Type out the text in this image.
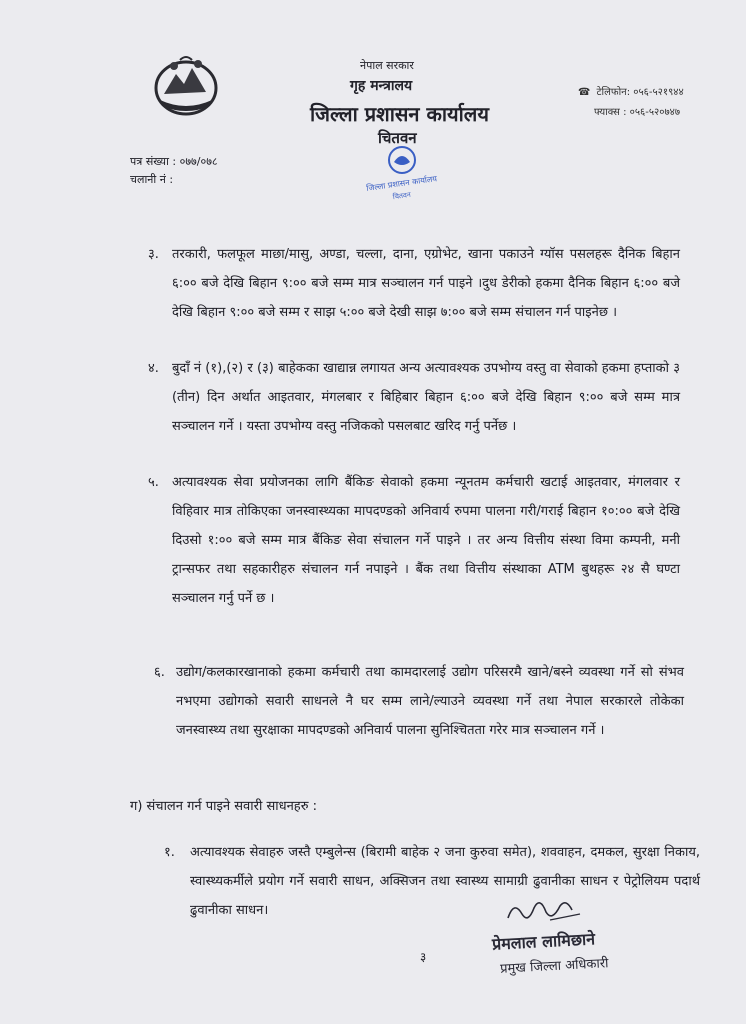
नेपाल सरकार
गृह मन्त्रालय
जिल्ला प्रशासन कार्यालय
चितवन
☎ टेलिफोन: ०५६-५२१९४४
फ्याक्स : ०५६-५२०७४७
पत्र संख्या : ०७७/०७८
चलानी नं :	जिल्ला प्रशासन कार्यालय
चितवन
३. तरकारी, फलफूल माछा/मासु, अण्डा, चल्ला, दाना, एग्रोभेट, खाना पकाउने ग्यॉस पसलहरू दैनिक बिहान ६:०० बजे देखि बिहान ९:०० बजे सम्म मात्र सञ्चालन गर्न पाइने ।दुध डेरीको हकमा दैनिक बिहान ६:०० बजे देखि बिहान ९:०० बजे सम्म र साझ ५:०० बजे देखी साझ ७:०० बजे सम्म संचालन गर्न पाइनेछ ।
४. बुदाँ नं (१),(२) र (३) बाहेकका खाद्यान्न लगायत अन्य अत्यावश्यक उपभोग्य वस्तु वा सेवाको हकमा हप्ताको ३ (तीन) दिन अर्थात आइतवार, मंगलबार र बिहिबार बिहान ६:०० बजे देखि बिहान ९:०० बजे सम्म मात्र सञ्चालन गर्ने । यस्ता उपभोग्य वस्तु नजिकको पसलबाट खरिद गर्नु पर्नेछ ।
५. अत्यावश्यक सेवा प्रयोजनका लागि बैंकिङ सेवाको हकमा न्यूनतम कर्मचारी खटाई आइतवार, मंगलवार र विहिवार मात्र तोकिएका जनस्वास्थ्यका मापदण्डको अनिवार्य रुपमा पालना गरी/गराई बिहान १०:०० बजे देखि दिउसो १:०० बजे सम्म मात्र बैंकिङ सेवा संचालन गर्ने पाइने । तर अन्य वित्तीय संस्था विमा कम्पनी, मनी ट्रान्सफर तथा सहकारीहरु संचालन गर्न नपाइने । बैंक तथा वित्तीय संस्थाका ATM बुथहरू २४ सै घण्टा सञ्चालन गर्नु पर्ने छ ।
६. उद्योग/कलकारखानाको हकमा कर्मचारी तथा कामदारलाई उद्योग परिसरमै खाने/बस्ने व्यवस्था गर्ने सो संभव नभएमा उद्योगको सवारी साधनले नै घर सम्म लाने/ल्याउने व्यवस्था गर्ने तथा नेपाल सरकारले तोकेका जनस्वास्थ्य तथा सुरक्षाका मापदण्डको अनिवार्य पालना सुनिश्चितता गरेर मात्र सञ्चालन गर्ने ।
ग) संचालन गर्न पाइने सवारी साधनहरु :
१. अत्यावश्यक सेवाहरु जस्तै एम्बुलेन्स (बिरामी बाहेक २ जना कुरुवा समेत), शववाहन, दमकल, सुरक्षा निकाय, स्वास्थ्यकर्मीले प्रयोग गर्ने सवारी साधन, अक्सिजन तथा स्वास्थ्य सामाग्री ढुवानीका साधन र पेट्रोलियम पदार्थ ढुवानीका साधन।
३
प्रेमलाल लामिछाने
प्रमुख जिल्ला अधिकारी
